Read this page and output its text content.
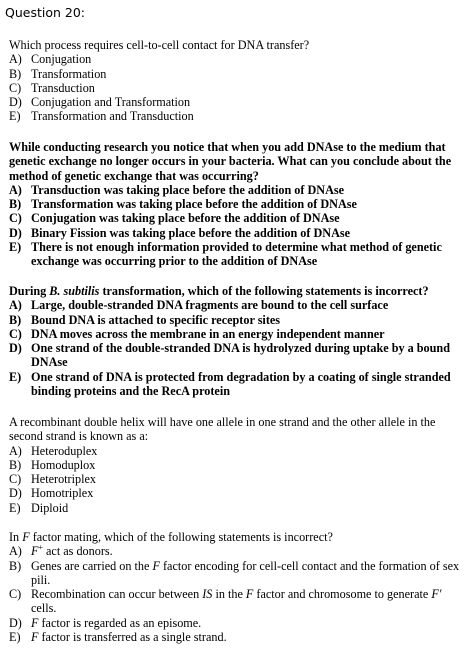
Question 20:

Which process requires cell-to-cell contact for DNA transfer?

A) Conjugation
B) Transformation
C) Transduction
D) Conjugation and Transformation
E) Transformation and Transduction

While conducting research you notice that when you add DNAse to the medium that genetic exchange no longer occurs in your bacteria. What can you conclude about the method of genetic exchange that was occurring?

A) Transduction was taking place before the addition of DNAse
B) Transformation was taking place before the addition of DNAse
C) Conjugation was taking place before the addition of DNAse
D) Binary Fission was taking place before the addition of DNAse
E) There is not enough information provided to determine what method of genetic exchange was occurring prior to the addition of DNAse

During B. subtilis transformation, which of the following statements is incorrect?

A) Large, double-stranded DNA fragments are bound to the cell surface
B) Bound DNA is attached to specific receptor sites
C) DNA moves across the membrane in an energy independent manner
D) One strand of the double-stranded DNA is hydrolyzed during uptake by a bound DNAse
E) One strand of DNA is protected from degradation by a coating of single stranded binding proteins and the RecA protein

A recombinant double helix will have one allele in one strand and the other allele in the second strand is known as a:

A) Heteroduplex
B) Homoduplox
C) Heterotriplex
D) Homotriplex
E) Diploid

In F factor mating, which of the following statements is incorrect?

A) F+ act as donors.
B) Genes are carried on the F factor encoding for cell-cell contact and the formation of sex pili.
C) Recombination can occur between IS in the F factor and chromosome to generate F′ cells.
D) F factor is regarded as an episome.
E) F factor is transferred as a single strand.
